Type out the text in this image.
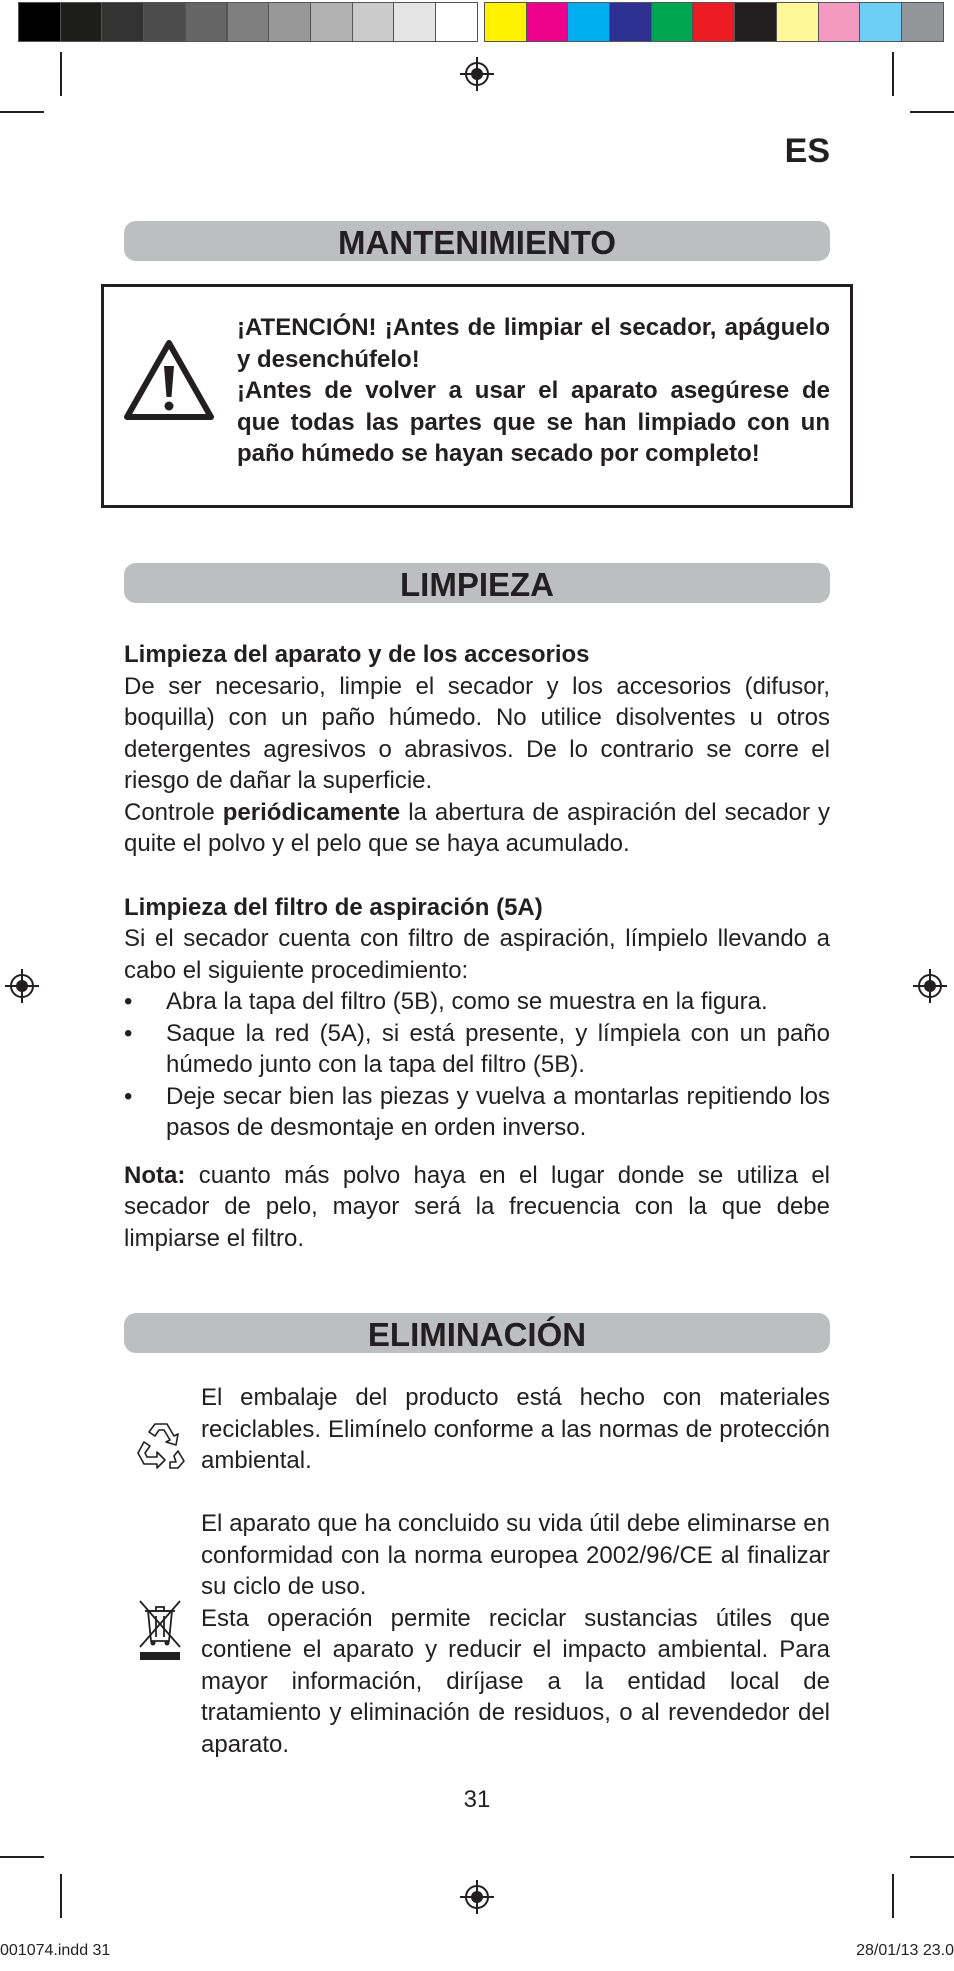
ES
MANTENIMIENTO

¡ATENCIÓN! ¡Antes de limpiar el secador, apáguelo y desenchúfelo!

¡Antes de volver a usar el aparato asegúrese de que todas las partes que se han limpiado con un paño húmedo se hayan secado por completo!

LIMPIEZA
Limpieza del aparato y de los accesorios

De ser necesario, limpie el secador y los accesorios (difusor, boquilla) con un paño húmedo. No utilice disolventes u otros detergentes agresivos o abrasivos. De lo contrario se corre el riesgo de dañar la superficie.

Controle periódicamente la abertura de aspiración del secador y quite el polvo y el pelo que se haya acumulado.

Limpieza del filtro de aspiración (5A)

Si el secador cuenta con filtro de aspiración, límpielo llevando a cabo el siguiente procedimiento:

• Abra la tapa del filtro (5B), como se muestra en la figura.
• Saque la red (5A), si está presente, y límpiela con un paño húmedo junto con la tapa del filtro (5B).
• Deje secar bien las piezas y vuelva a montarlas repitiendo los pasos de desmontaje en orden inverso.

Nota: cuanto más polvo haya en el lugar donde se utiliza el secador de pelo, mayor será la frecuencia con la que debe limpiarse el filtro.

ELIMINACIÓN

El embalaje del producto está hecho con materiales reciclables. Elimínelo conforme a las normas de protección ambiental.

El aparato que ha concluido su vida útil debe eliminarse en conformidad con la norma europea 2002/96/CE al finalizar su ciclo de uso.

Esta operación permite reciclar sustancias útiles que contiene el aparato y reducir el impacto ambiental. Para mayor información, diríjase a la entidad local de tratamiento y eliminación de residuos, o al revendedor del aparato.

31
001074.indd 31	28/01/13 23.0
